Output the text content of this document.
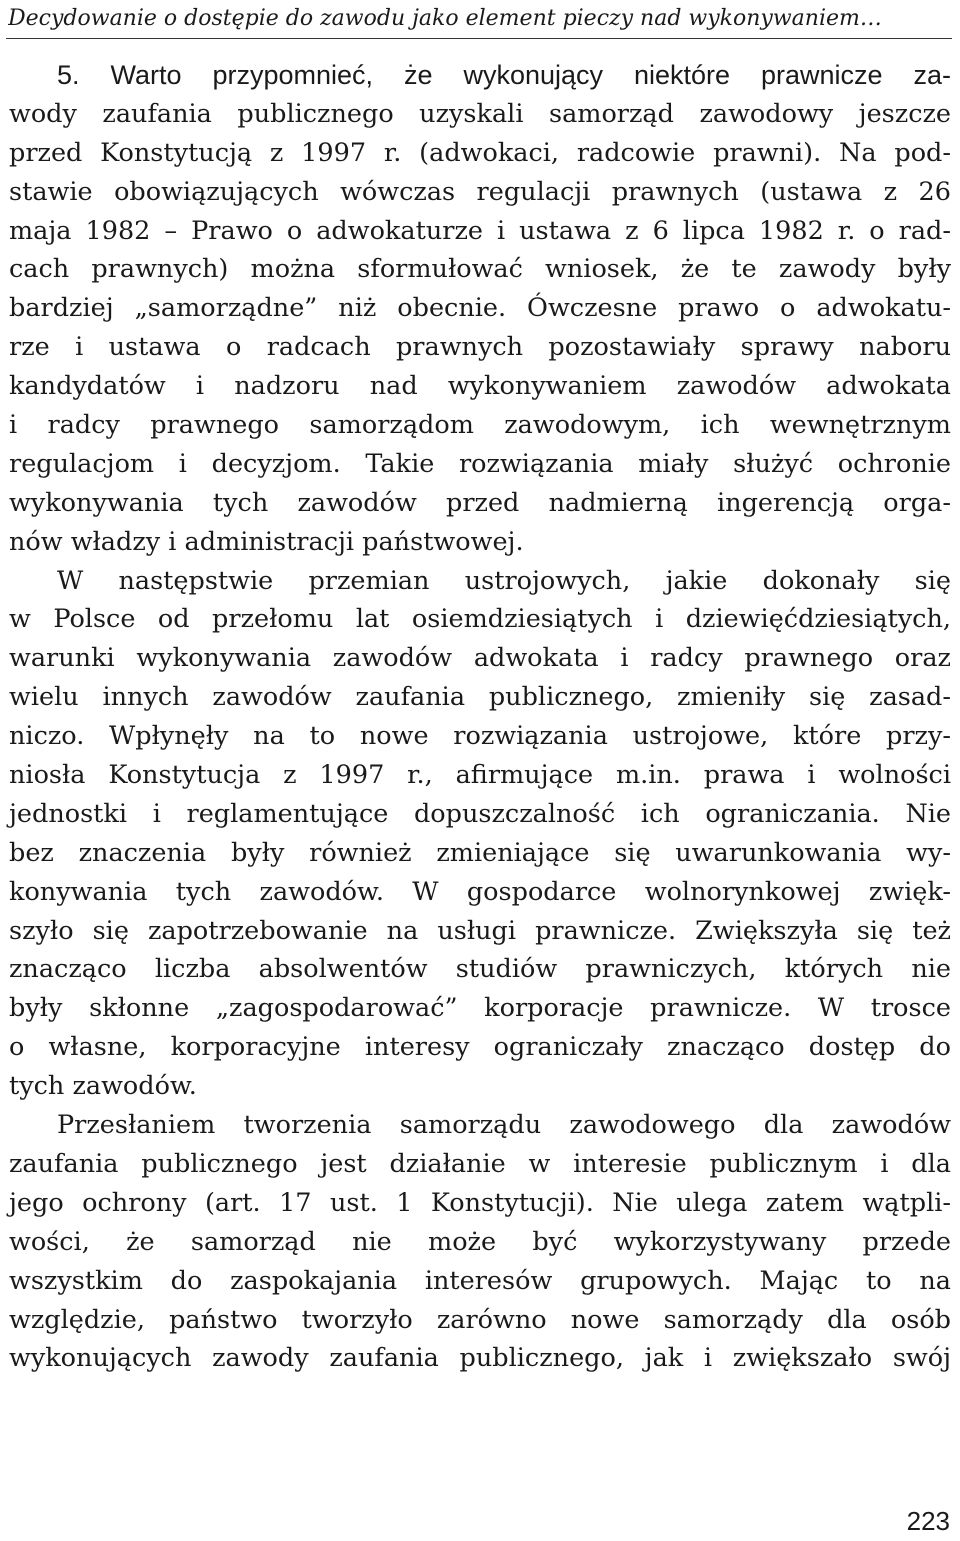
Decydowanie o dostępie do zawodu jako element pieczy nad wykonywaniem…
5. Warto przypomnieć, że wykonujący niektóre prawnicze za-
wody zaufania publicznego uzyskali samorząd zawodowy jeszcze
przed Konstytucją z 1997 r. (adwokaci, radcowie prawni). Na pod-
stawie obowiązujących wówczas regulacji prawnych (ustawa z 26
maja 1982 – Prawo o adwokaturze i ustawa z 6 lipca 1982 r. o rad-
cach prawnych) można sformułować wniosek, że te zawody były
bardziej „samorządne” niż obecnie. Ówczesne prawo o adwokatu-
rze i ustawa o radcach prawnych pozostawiały sprawy naboru
kandydatów i nadzoru nad wykonywaniem zawodów adwokata
i radcy prawnego samorządom zawodowym, ich wewnętrznym
regulacjom i decyzjom. Takie rozwiązania miały służyć ochronie
wykonywania tych zawodów przed nadmierną ingerencją orga-
nów władzy i administracji państwowej.
W następstwie przemian ustrojowych, jakie dokonały się
w Polsce od przełomu lat osiemdziesiątych i dziewięćdziesiątych,
warunki wykonywania zawodów adwokata i radcy prawnego oraz
wielu innych zawodów zaufania publicznego, zmieniły się zasad-
niczo. Wpłynęły na to nowe rozwiązania ustrojowe, które przy-
niosła Konstytucja z 1997 r., afirmujące m.in. prawa i wolności
jednostki i reglamentujące dopuszczalność ich ograniczania. Nie
bez znaczenia były również zmieniające się uwarunkowania wy-
konywania tych zawodów. W gospodarce wolnorynkowej zwięk-
szyło się zapotrzebowanie na usługi prawnicze. Zwiększyła się też
znacząco liczba absolwentów studiów prawniczych, których nie
były skłonne „zagospodarować” korporacje prawnicze. W trosce
o własne, korporacyjne interesy ograniczały znacząco dostęp do
tych zawodów.
Przesłaniem tworzenia samorządu zawodowego dla zawodów
zaufania publicznego jest działanie w interesie publicznym i dla
jego ochrony (art. 17 ust. 1 Konstytucji). Nie ulega zatem wątpli-
wości, że samorząd nie może być wykorzystywany przede
wszystkim do zaspokajania interesów grupowych. Mając to na
względzie, państwo tworzyło zarówno nowe samorządy dla osób
wykonujących zawody zaufania publicznego, jak i zwiększało swój
223
